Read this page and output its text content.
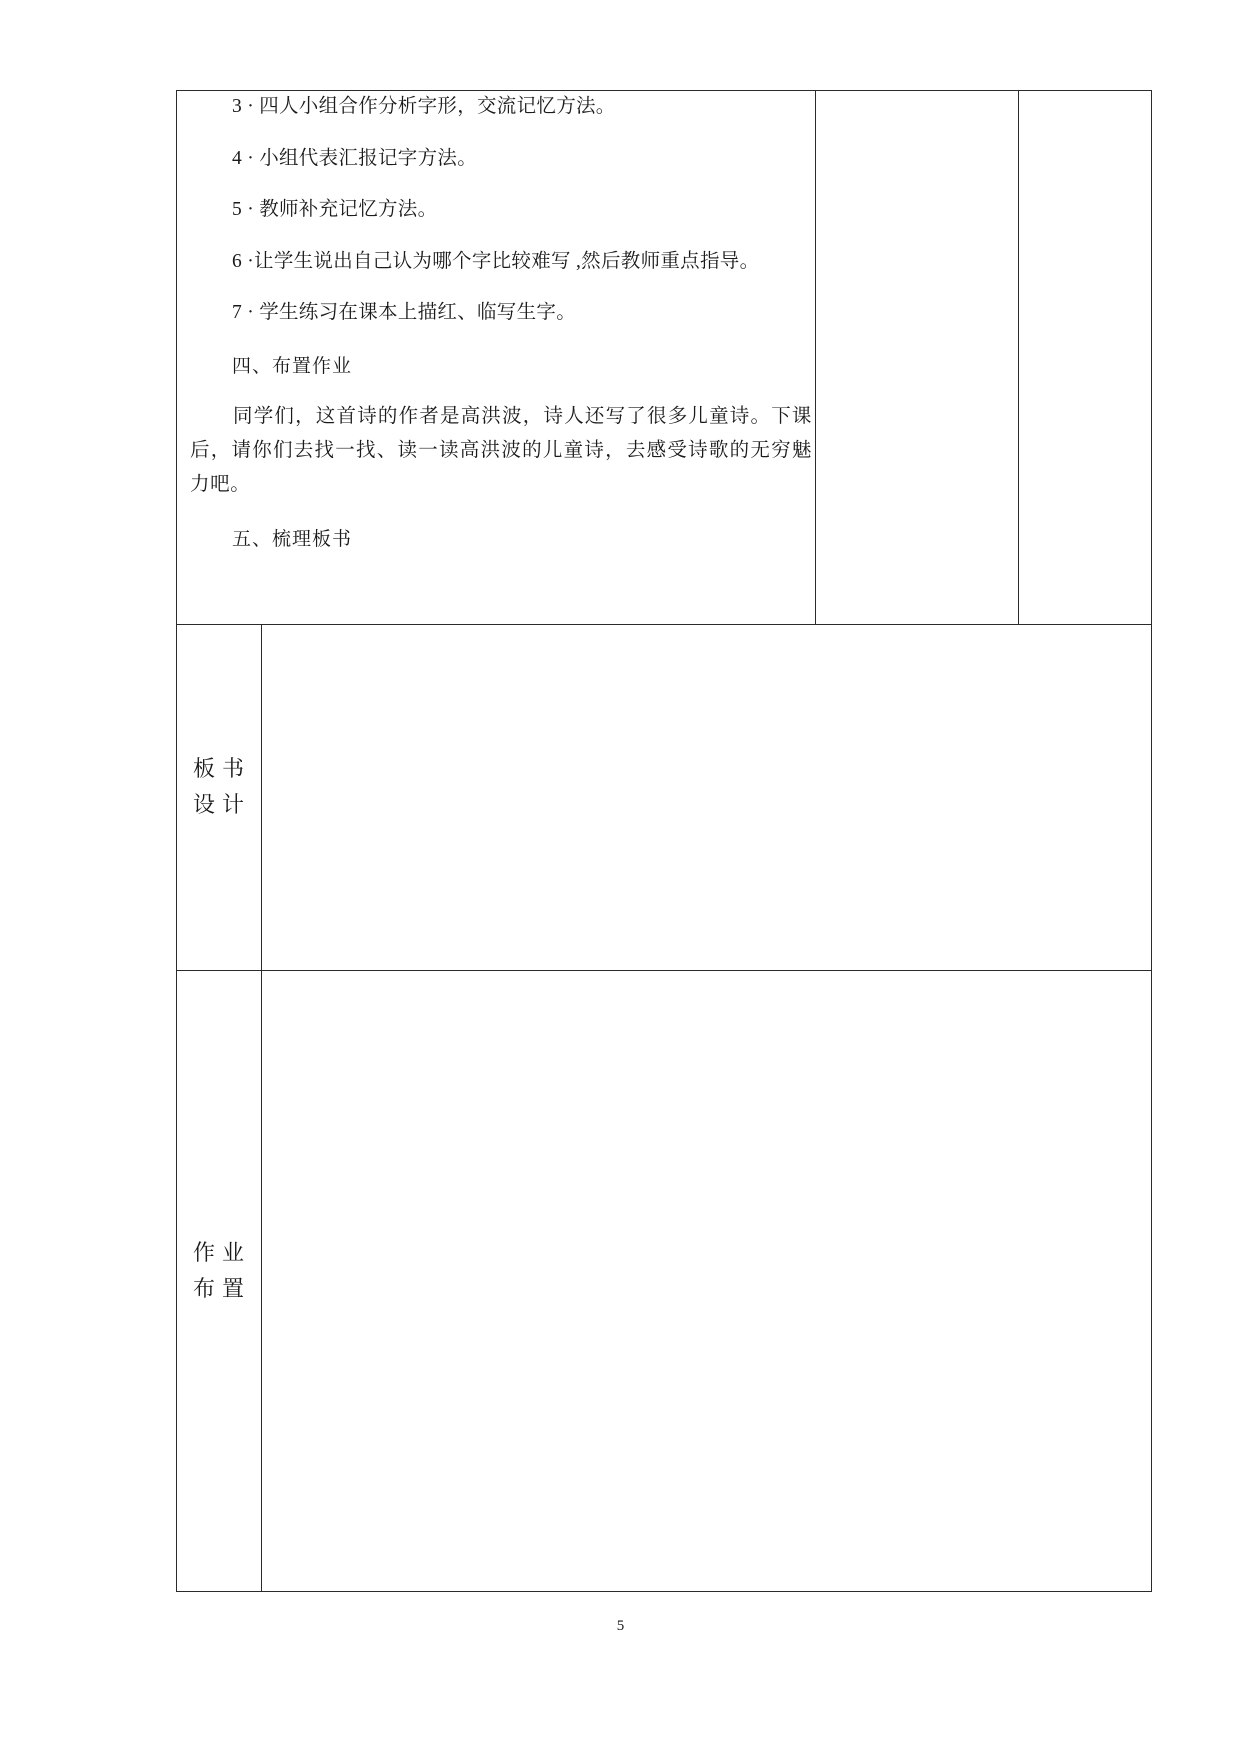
3 · 四人小组合作分析字形，交流记忆方法。
4 · 小组代表汇报记字方法。
5 · 教师补充记忆方法。
6 ·让学生说出自己认为哪个字比较难写 ,然后教师重点指导。
7 · 学生练习在课本上描红、临写生字。
四、布置作业
同学们，这首诗的作者是高洪波，诗人还写了很多儿童诗。下课后，请你们去找一找、读一读高洪波的儿童诗，去感受诗歌的无穷魅力吧。
五、梳理板书
板 书
设 计
作 业
布 置
5
